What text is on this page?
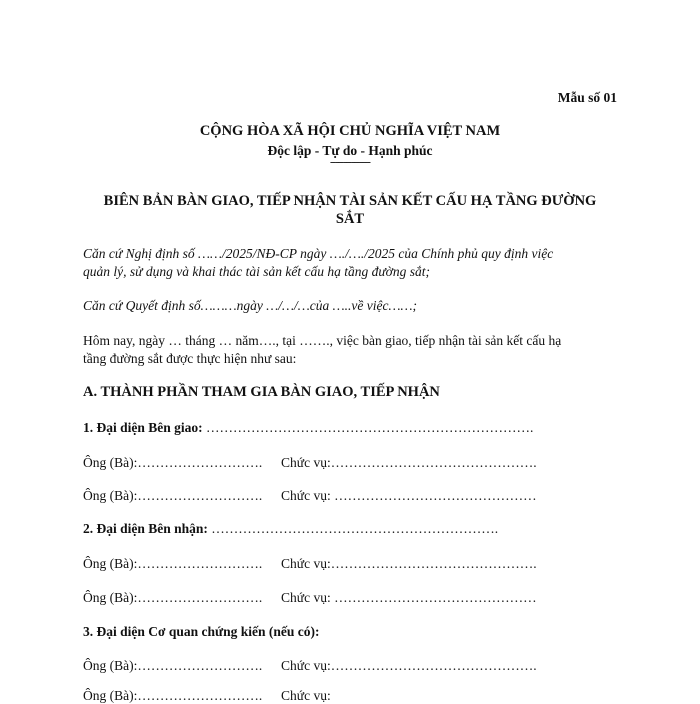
Mẫu số 01
CỘNG HÒA XÃ HỘI CHỦ NGHĨA VIỆT NAM
Độc lập - Tự do - Hạnh phúc
---------------
BIÊN BẢN BÀN GIAO, TIẾP NHẬN TÀI SẢN KẾT CẤU HẠ TẦNG ĐƯỜNG
SẮT
Căn cứ Nghị định số ……/2025/NĐ-CP ngày …./…./2025 của Chính phủ quy định việc
quản lý, sử dụng và khai thác tài sản kết cấu hạ tầng đường sắt;
Căn cứ Quyết định số………ngày …/…/…của …..về việc……;
Hôm nay, ngày … tháng … năm…., tại ……., việc bàn giao, tiếp nhận tài sản kết cấu hạ
tầng đường sắt được thực hiện như sau:
A. THÀNH PHẦN THAM GIA BÀN GIAO, TIẾP NHẬN
1. Đại diện Bên giao: ……………………………………………………………….
Ông (Bà):………………………. Chức vụ:……………………………………….
Ông (Bà):………………………. Chức vụ: ………………………………………
2. Đại diện Bên nhận: ……………………………………………………….
Ông (Bà):………………………. Chức vụ:……………………………………….
Ông (Bà):………………………. Chức vụ: ………………………………………
3. Đại diện Cơ quan chứng kiến (nếu có):
Ông (Bà):………………………. Chức vụ:……………………………………….
Ông (Bà):………………………. Chức vụ:
